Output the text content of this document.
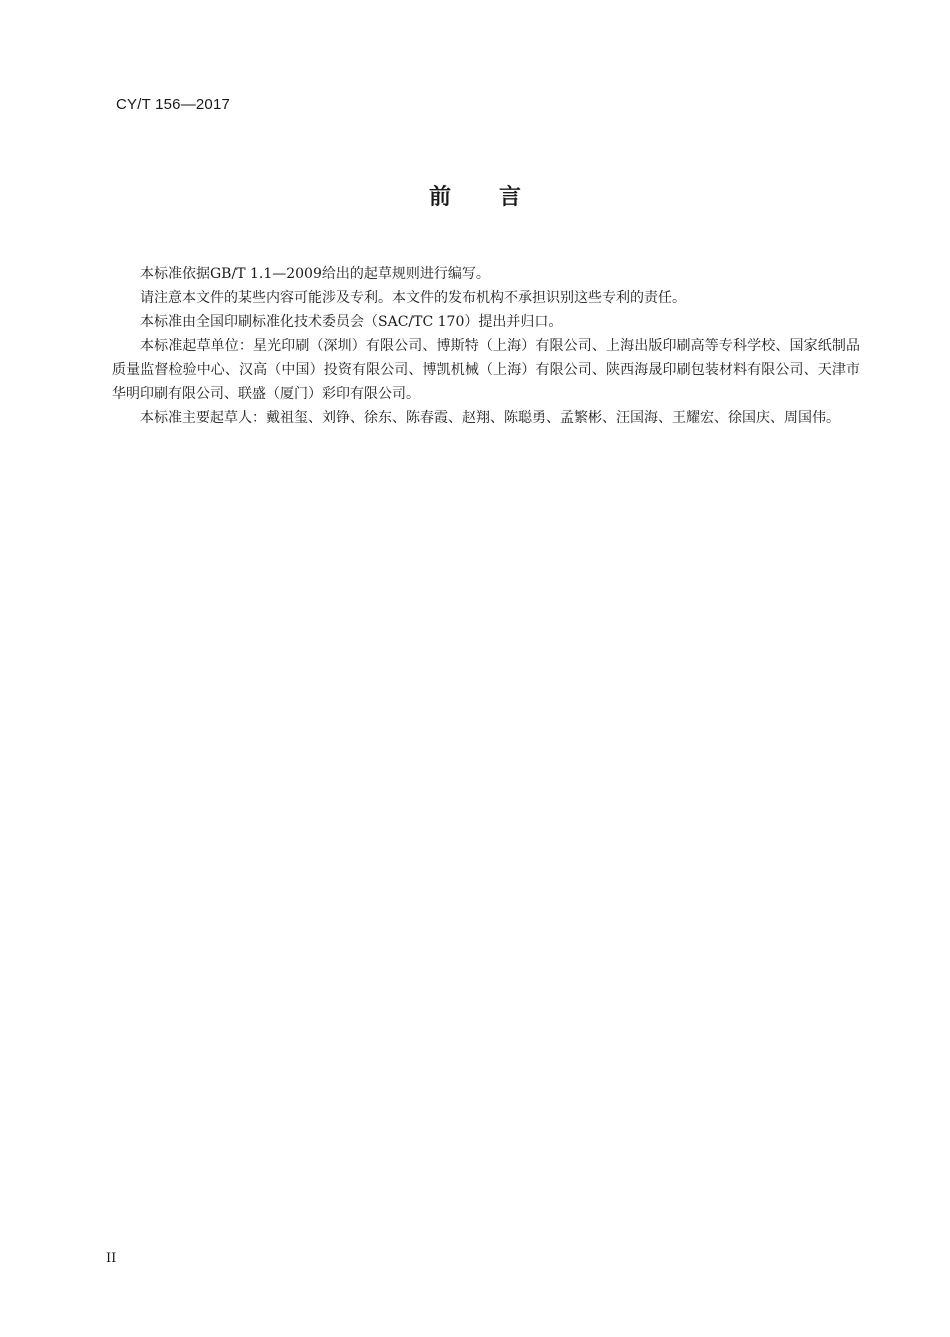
CY/T 156—2017
前言

本标准依据GB/T 1.1—2009给出的起草规则进行编写。

请注意本文件的某些内容可能涉及专利。本文件的发布机构不承担识别这些专利的责任。

本标准由全国印刷标准化技术委员会（SAC/TC 170）提出并归口。

本标准起草单位：星光印刷（深圳）有限公司、博斯特（上海）有限公司、上海出版印刷高等专科学校、国家纸制品质量监督检验中心、汉高（中国）投资有限公司、博凯机械（上海）有限公司、陕西海晟印刷包装材料有限公司、天津市华明印刷有限公司、联盛（厦门）彩印有限公司。

本标准主要起草人：戴祖玺、刘铮、徐东、陈春霞、赵翔、陈聪勇、孟繁彬、汪国海、王耀宏、徐国庆、周国伟。

II
